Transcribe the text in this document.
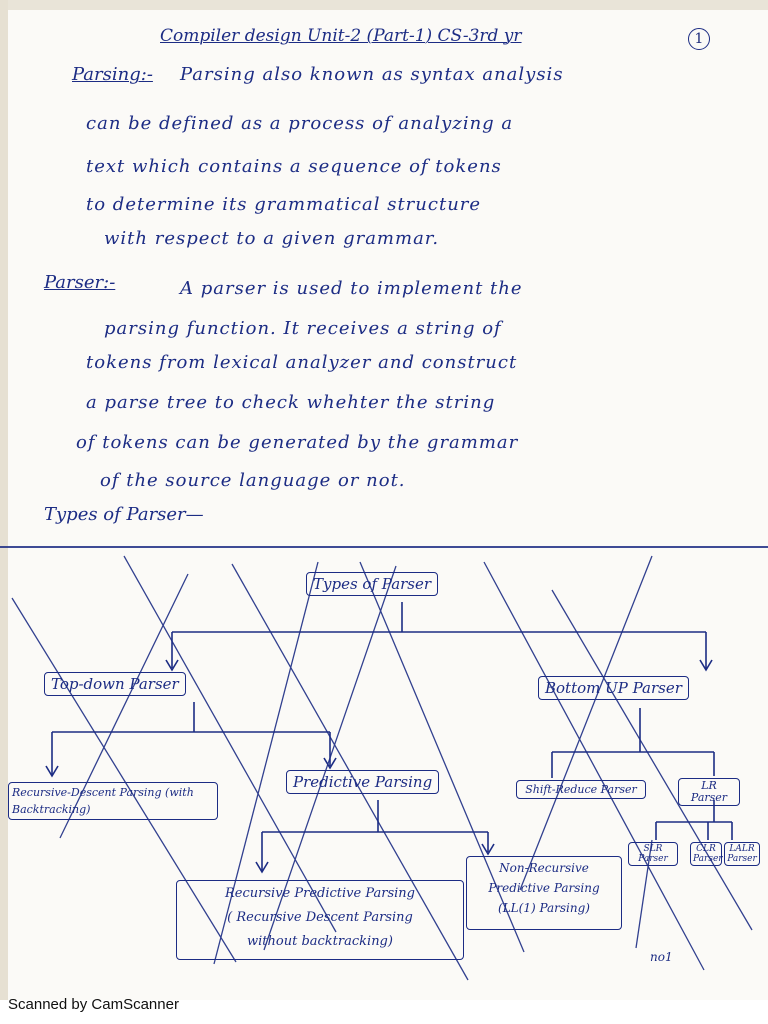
Compiler design Unit-2 (Part-1) CS-3rd yr	1
Parsing:- Parsing also known as syntax analysis
can be defined as a process of analyzing a
text which contains a sequence of tokens
to determine its grammatical structure
with respect to a given grammar.
Parser:-	A parser is used to implement the
parsing function. It receives a string of
tokens from lexical analyzer and construct
a parse tree to check whehter the string
of tokens can be generated by the grammar
of the source language or not.
Types of Parser—
Types of Parser
Top-down Parser	Bottom UP Parser
Recursive-Descent Parsing (with Backtracking)
Predictive Parsing	Shift-Reduce Parser	LR Parser
Recursive Predictive Parsing
( Recursive Descent Parsing
without backtracking)
Non-Recursive
Predictive Parsing
(LL(1) Parsing)
SLR Parser
CLR Parser
LALR Parser
no1
Scanned by CamScanner
